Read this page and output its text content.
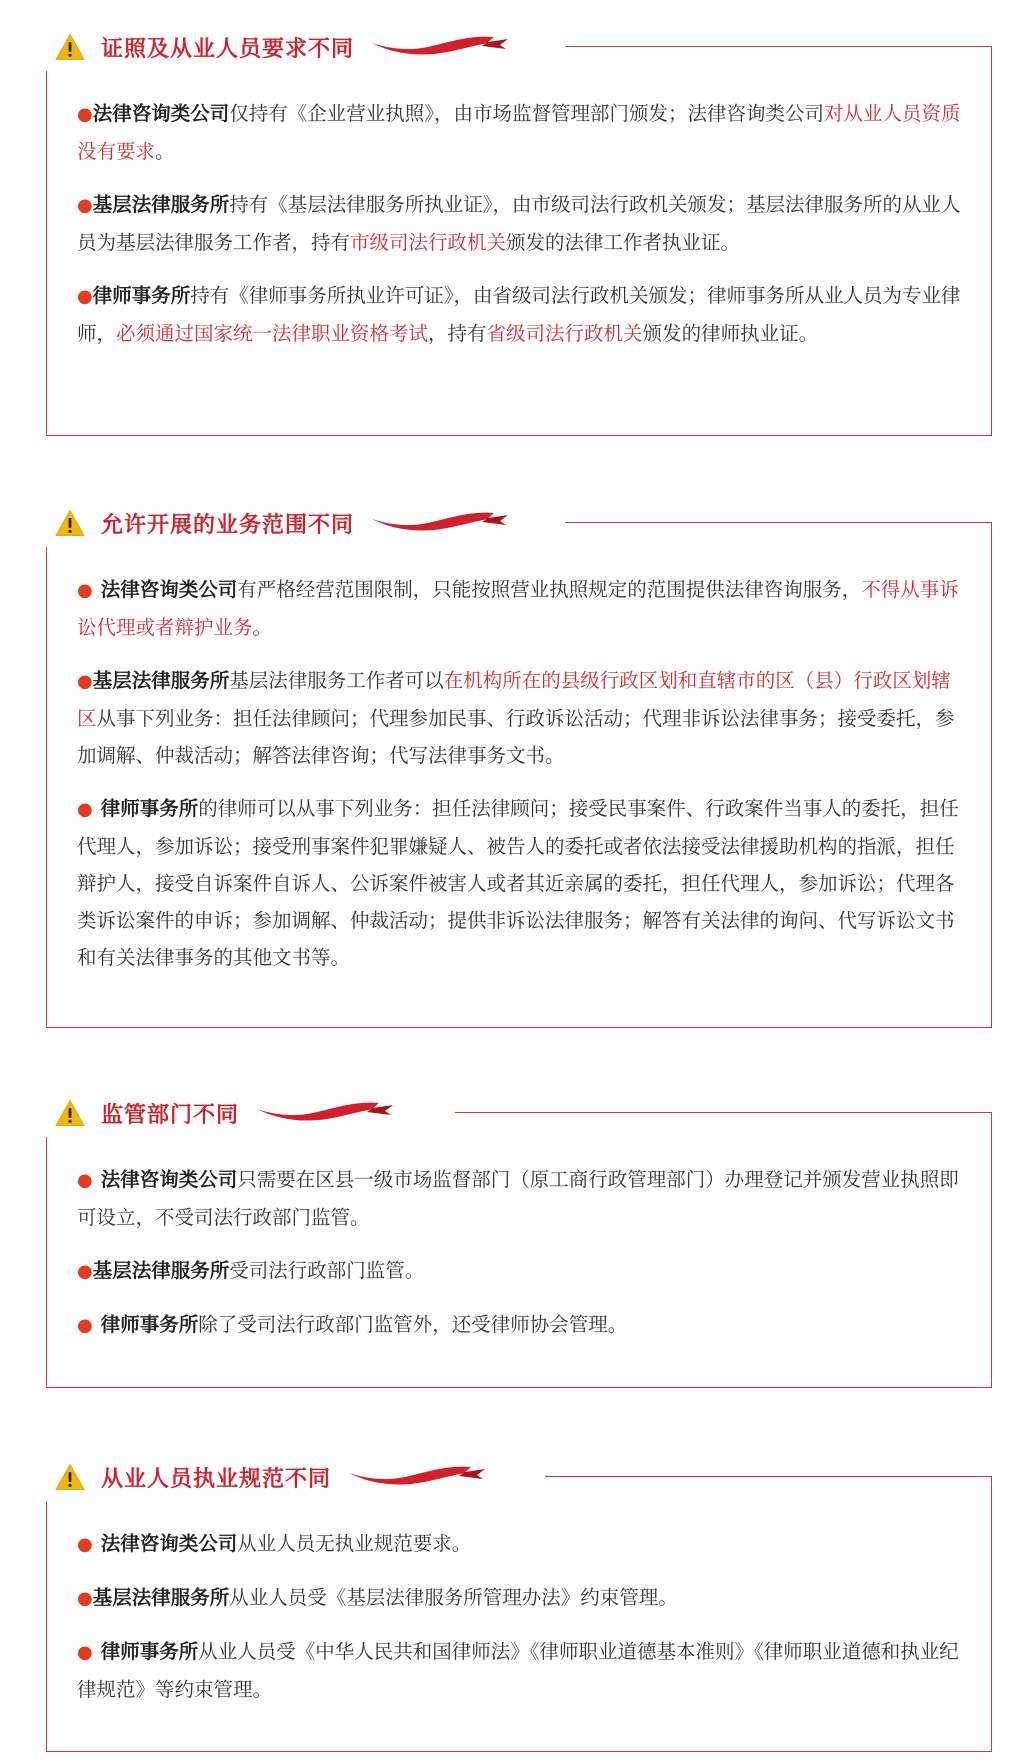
证照及从业人员要求不同

●法律咨询类公司仅持有《企业营业执照》，由市场监督管理部门颁发；法律咨询类公司对从业人员资质没有要求。

●基层法律服务所持有《基层法律服务所执业证》，由市级司法行政机关颁发；基层法律服务所的从业人员为基层法律服务工作者，持有市级司法行政机关颁发的法律工作者执业证。

●律师事务所持有《律师事务所执业许可证》，由省级司法行政机关颁发；律师事务所从业人员为专业律师，必须通过国家统一法律职业资格考试，持有省级司法行政机关颁发的律师执业证。

允许开展的业务范围不同

● 法律咨询类公司有严格经营范围限制，只能按照营业执照规定的范围提供法律咨询服务，不得从事诉讼代理或者辩护业务。

●基层法律服务所基层法律服务工作者可以在机构所在的县级行政区划和直辖市的区（县）行政区划辖区从事下列业务：担任法律顾问；代理参加民事、行政诉讼活动；代理非诉讼法律事务；接受委托，参加调解、仲裁活动；解答法律咨询；代写法律事务文书。

● 律师事务所的律师可以从事下列业务：担任法律顾问；接受民事案件、行政案件当事人的委托，担任代理人，参加诉讼；接受刑事案件犯罪嫌疑人、被告人的委托或者依法接受法律援助机构的指派，担任辩护人，接受自诉案件自诉人、公诉案件被害人或者其近亲属的委托，担任代理人，参加诉讼；代理各类诉讼案件的申诉；参加调解、仲裁活动；提供非诉讼法律服务；解答有关法律的询问、代写诉讼文书和有关法律事务的其他文书等。

监管部门不同

● 法律咨询类公司只需要在区县一级市场监督部门（原工商行政管理部门）办理登记并颁发营业执照即可设立，不受司法行政部门监管。

●基层法律服务所受司法行政部门监管。

● 律师事务所除了受司法行政部门监管外，还受律师协会管理。

从业人员执业规范不同

● 法律咨询类公司从业人员无执业规范要求。

●基层法律服务所从业人员受《基层法律服务所管理办法》约束管理。

● 律师事务所从业人员受《中华人民共和国律师法》《律师职业道德基本准则》《律师职业道德和执业纪律规范》等约束管理。
